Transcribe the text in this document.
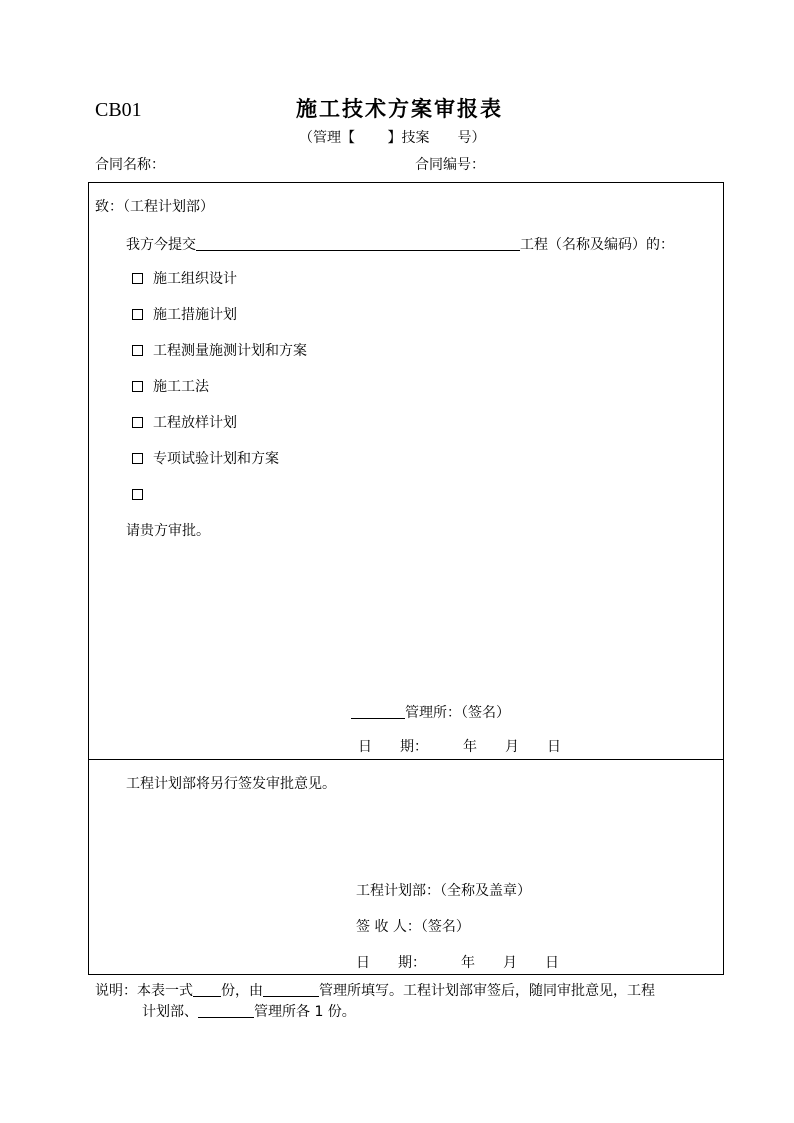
CB01	施工技术方案审报表
（管理【　　 】技案　　号）
合同名称：	合同编号：
致：（工程计划部）
我方今提交	工程（名称及编码）的：
施工组织设计
施工措施计划
工程测量施测计划和方案
施工工法
工程放样计划
专项试验计划和方案
请贵方审批。
管理所：（签名）
日　　期：　　　年　　月　　日
工程计划部将另行签发审批意见。
工程计划部：（全称及盖章）
签 收 人：（签名）
日　　期：　　　年　　月　　日
说明：本表一式 份，由	管理所填写。工程计划部审签后，随同审批意见，工程
计划部、	管理所各 1 份。
